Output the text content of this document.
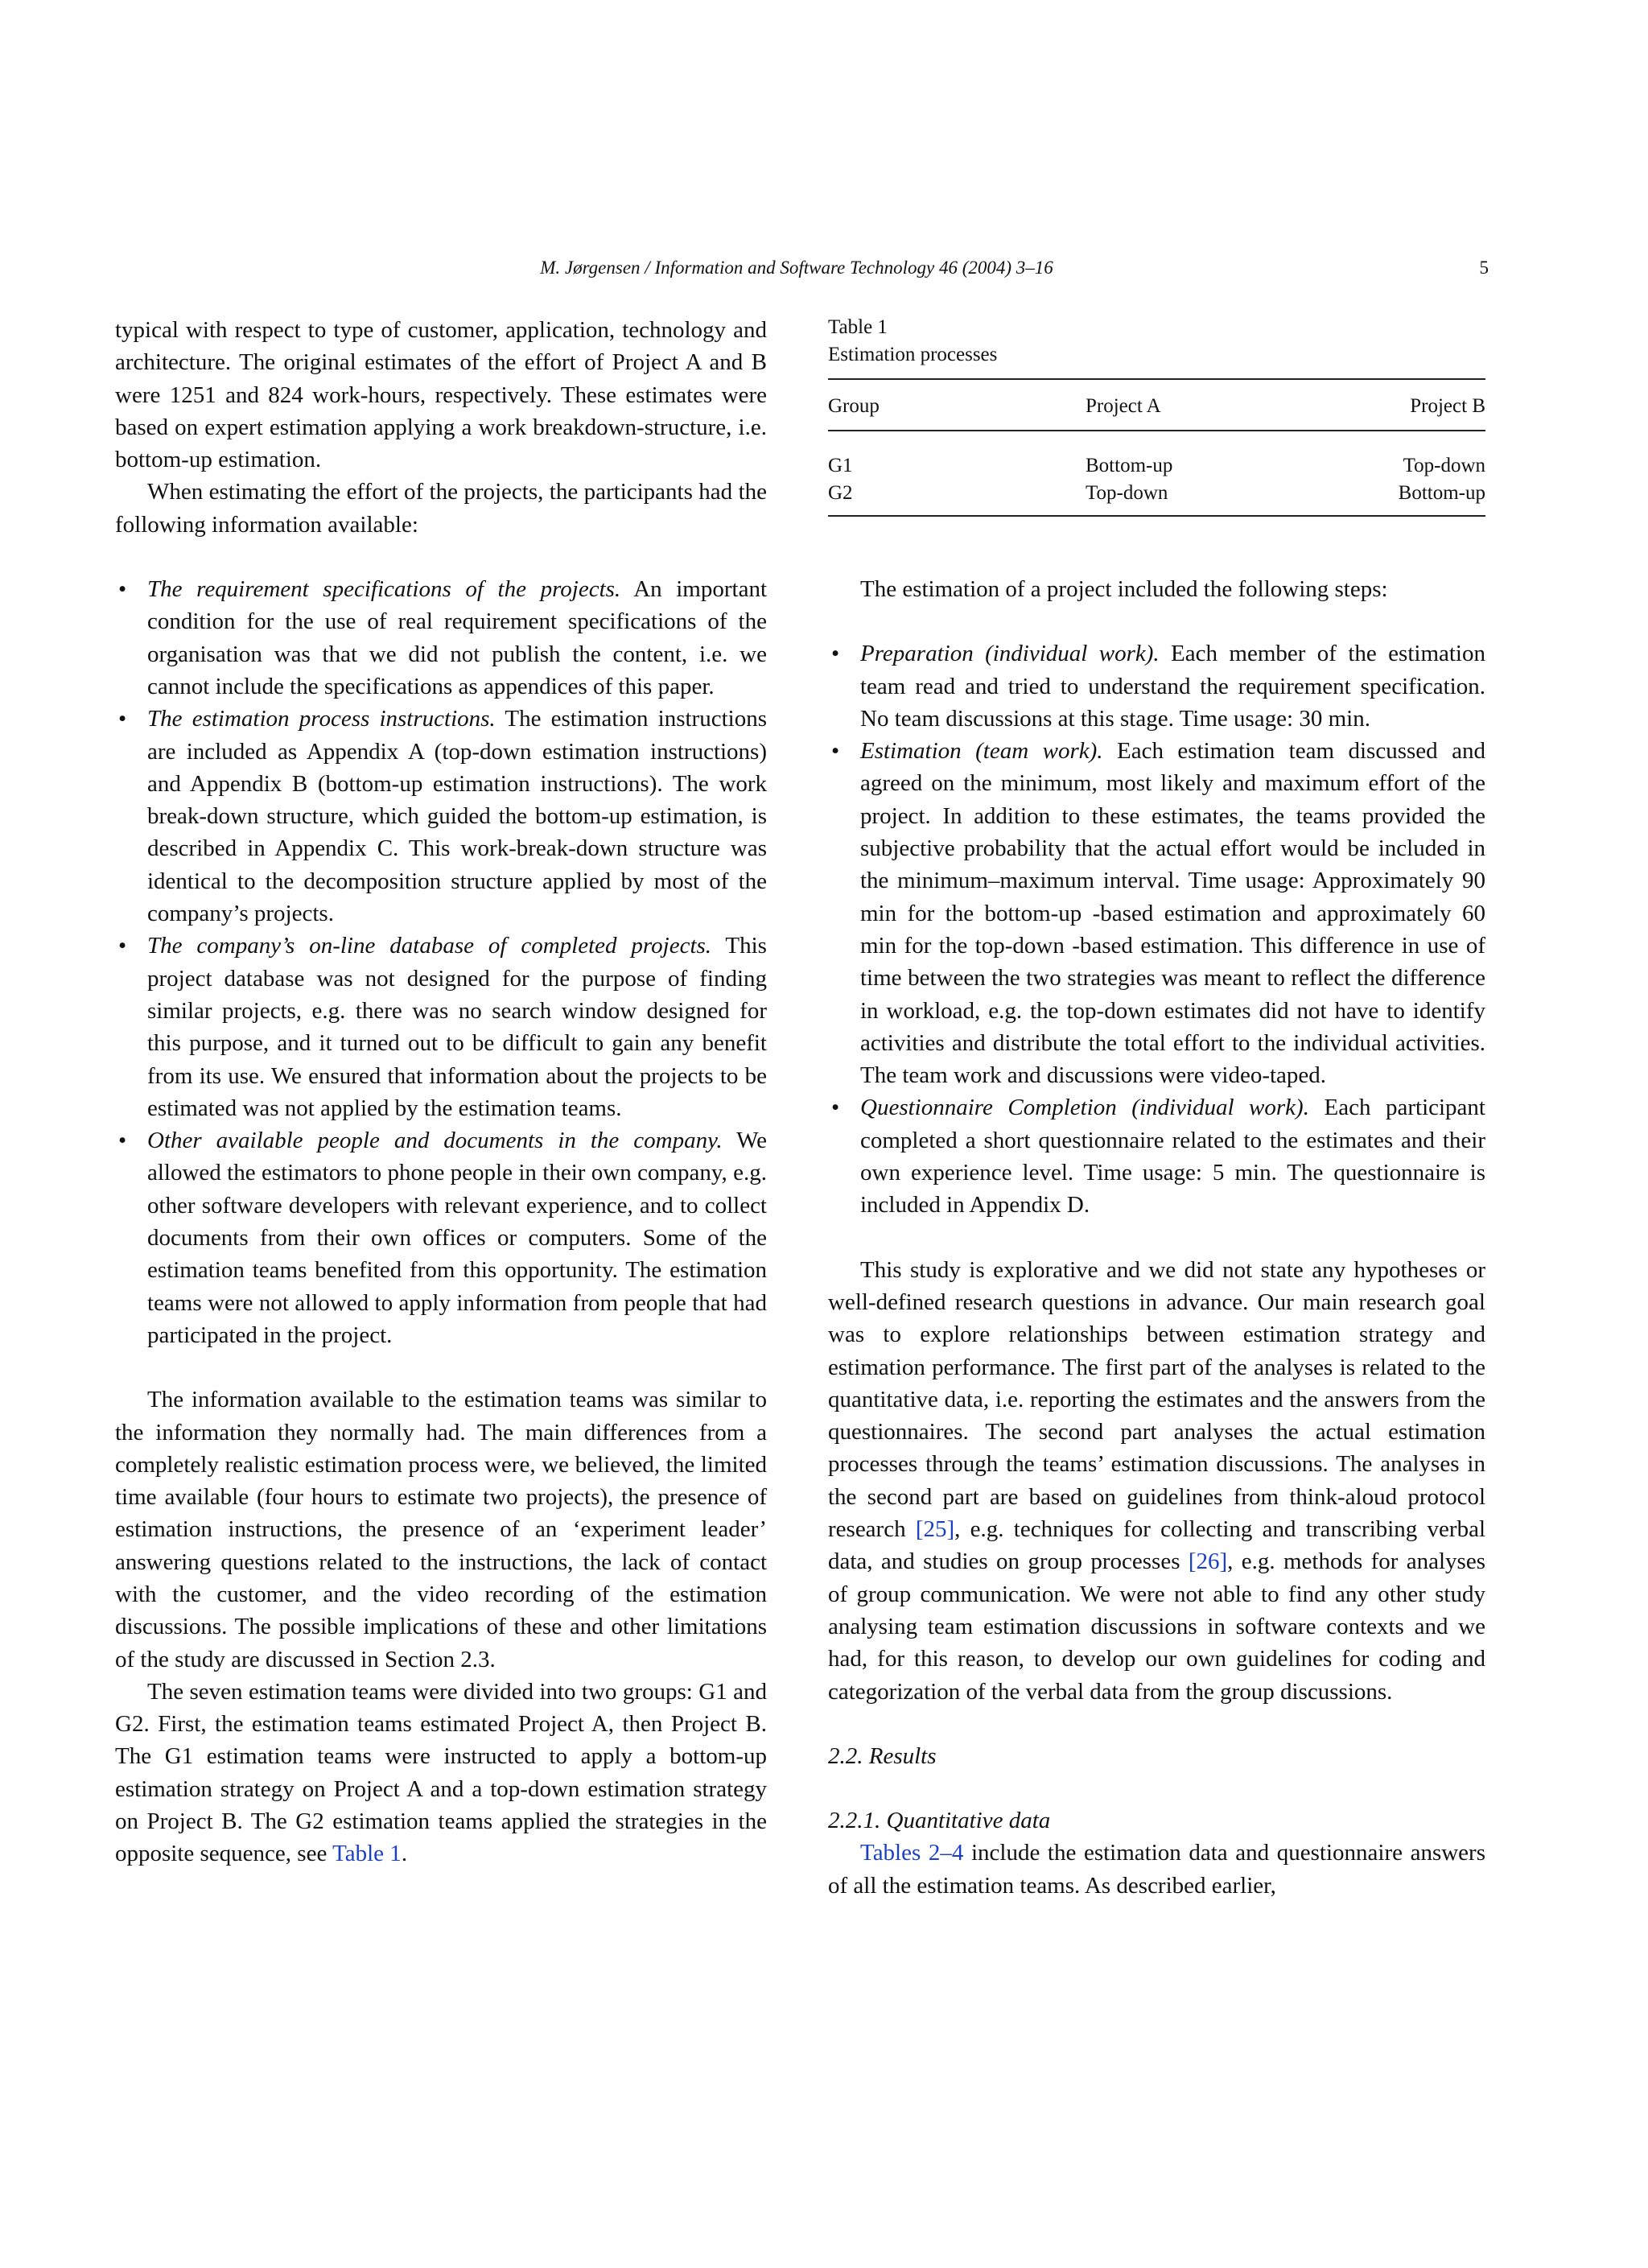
M. Jørgensen / Information and Software Technology 46 (2004) 3–16	5

typical with respect to type of customer, application, technology and architecture. The original estimates of the effort of Project A and B were 1251 and 824 work-hours, respectively. These estimates were based on expert estimation applying a work breakdown-structure, i.e. bottom-up estimation.

When estimating the effort of the projects, the participants had the following information available:

• The requirement specifications of the projects. An important condition for the use of real requirement specifications of the organisation was that we did not publish the content, i.e. we cannot include the specifications as appendices of this paper.
• The estimation process instructions. The estimation instructions are included as Appendix A (top-down estimation instructions) and Appendix B (bottom-up estimation instructions). The work break-down structure, which guided the bottom-up estimation, is described in Appendix C. This work-break-down structure was identical to the decomposition structure applied by most of the company’s projects.
• The company’s on-line database of completed projects. This project database was not designed for the purpose of finding similar projects, e.g. there was no search window designed for this purpose, and it turned out to be difficult to gain any benefit from its use. We ensured that information about the projects to be estimated was not applied by the estimation teams.
• Other available people and documents in the company. We allowed the estimators to phone people in their own company, e.g. other software developers with relevant experience, and to collect documents from their own offices or computers. Some of the estimation teams benefited from this opportunity. The estimation teams were not allowed to apply information from people that had participated in the project.

The information available to the estimation teams was similar to the information they normally had. The main differences from a completely realistic estimation process were, we believed, the limited time available (four hours to estimate two projects), the presence of estimation instructions, the presence of an ‘experiment leader’ answering questions related to the instructions, the lack of contact with the customer, and the video recording of the estimation discussions. The possible implications of these and other limitations of the study are discussed in Section 2.3.

The seven estimation teams were divided into two groups: G1 and G2. First, the estimation teams estimated Project A, then Project B. The G1 estimation teams were instructed to apply a bottom-up estimation strategy on Project A and a top-down estimation strategy on Project B. The G2 estimation teams applied the strategies in the opposite sequence, see Table 1.

Table 1
Estimation processes
Group	Project A	Project B
G1	Bottom-up	Top-down
G2	Top-down	Bottom-up

The estimation of a project included the following steps:

• Preparation (individual work). Each member of the estimation team read and tried to understand the requirement specification. No team discussions at this stage. Time usage: 30 min.
• Estimation (team work). Each estimation team discussed and agreed on the minimum, most likely and maximum effort of the project. In addition to these estimates, the teams provided the subjective probability that the actual effort would be included in the minimum–maximum interval. Time usage: Approximately 90 min for the bottom-up -based estimation and approximately 60 min for the top-down -based estimation. This difference in use of time between the two strategies was meant to reflect the difference in workload, e.g. the top-down estimates did not have to identify activities and distribute the total effort to the individual activities. The team work and discussions were video-taped.
• Questionnaire Completion (individual work). Each participant completed a short questionnaire related to the estimates and their own experience level. Time usage: 5 min. The questionnaire is included in Appendix D.

This study is explorative and we did not state any hypotheses or well-defined research questions in advance. Our main research goal was to explore relationships between estimation strategy and estimation performance. The first part of the analyses is related to the quantitative data, i.e. reporting the estimates and the answers from the questionnaires. The second part analyses the actual estimation processes through the teams’ estimation discussions. The analyses in the second part are based on guidelines from think-aloud protocol research [25], e.g. techniques for collecting and transcribing verbal data, and studies on group processes [26], e.g. methods for analyses of group communication. We were not able to find any other study analysing team estimation discussions in software contexts and we had, for this reason, to develop our own guidelines for coding and categorization of the verbal data from the group discussions.

2.2. Results
2.2.1. Quantitative data

Tables 2–4 include the estimation data and questionnaire answers of all the estimation teams. As described earlier,
